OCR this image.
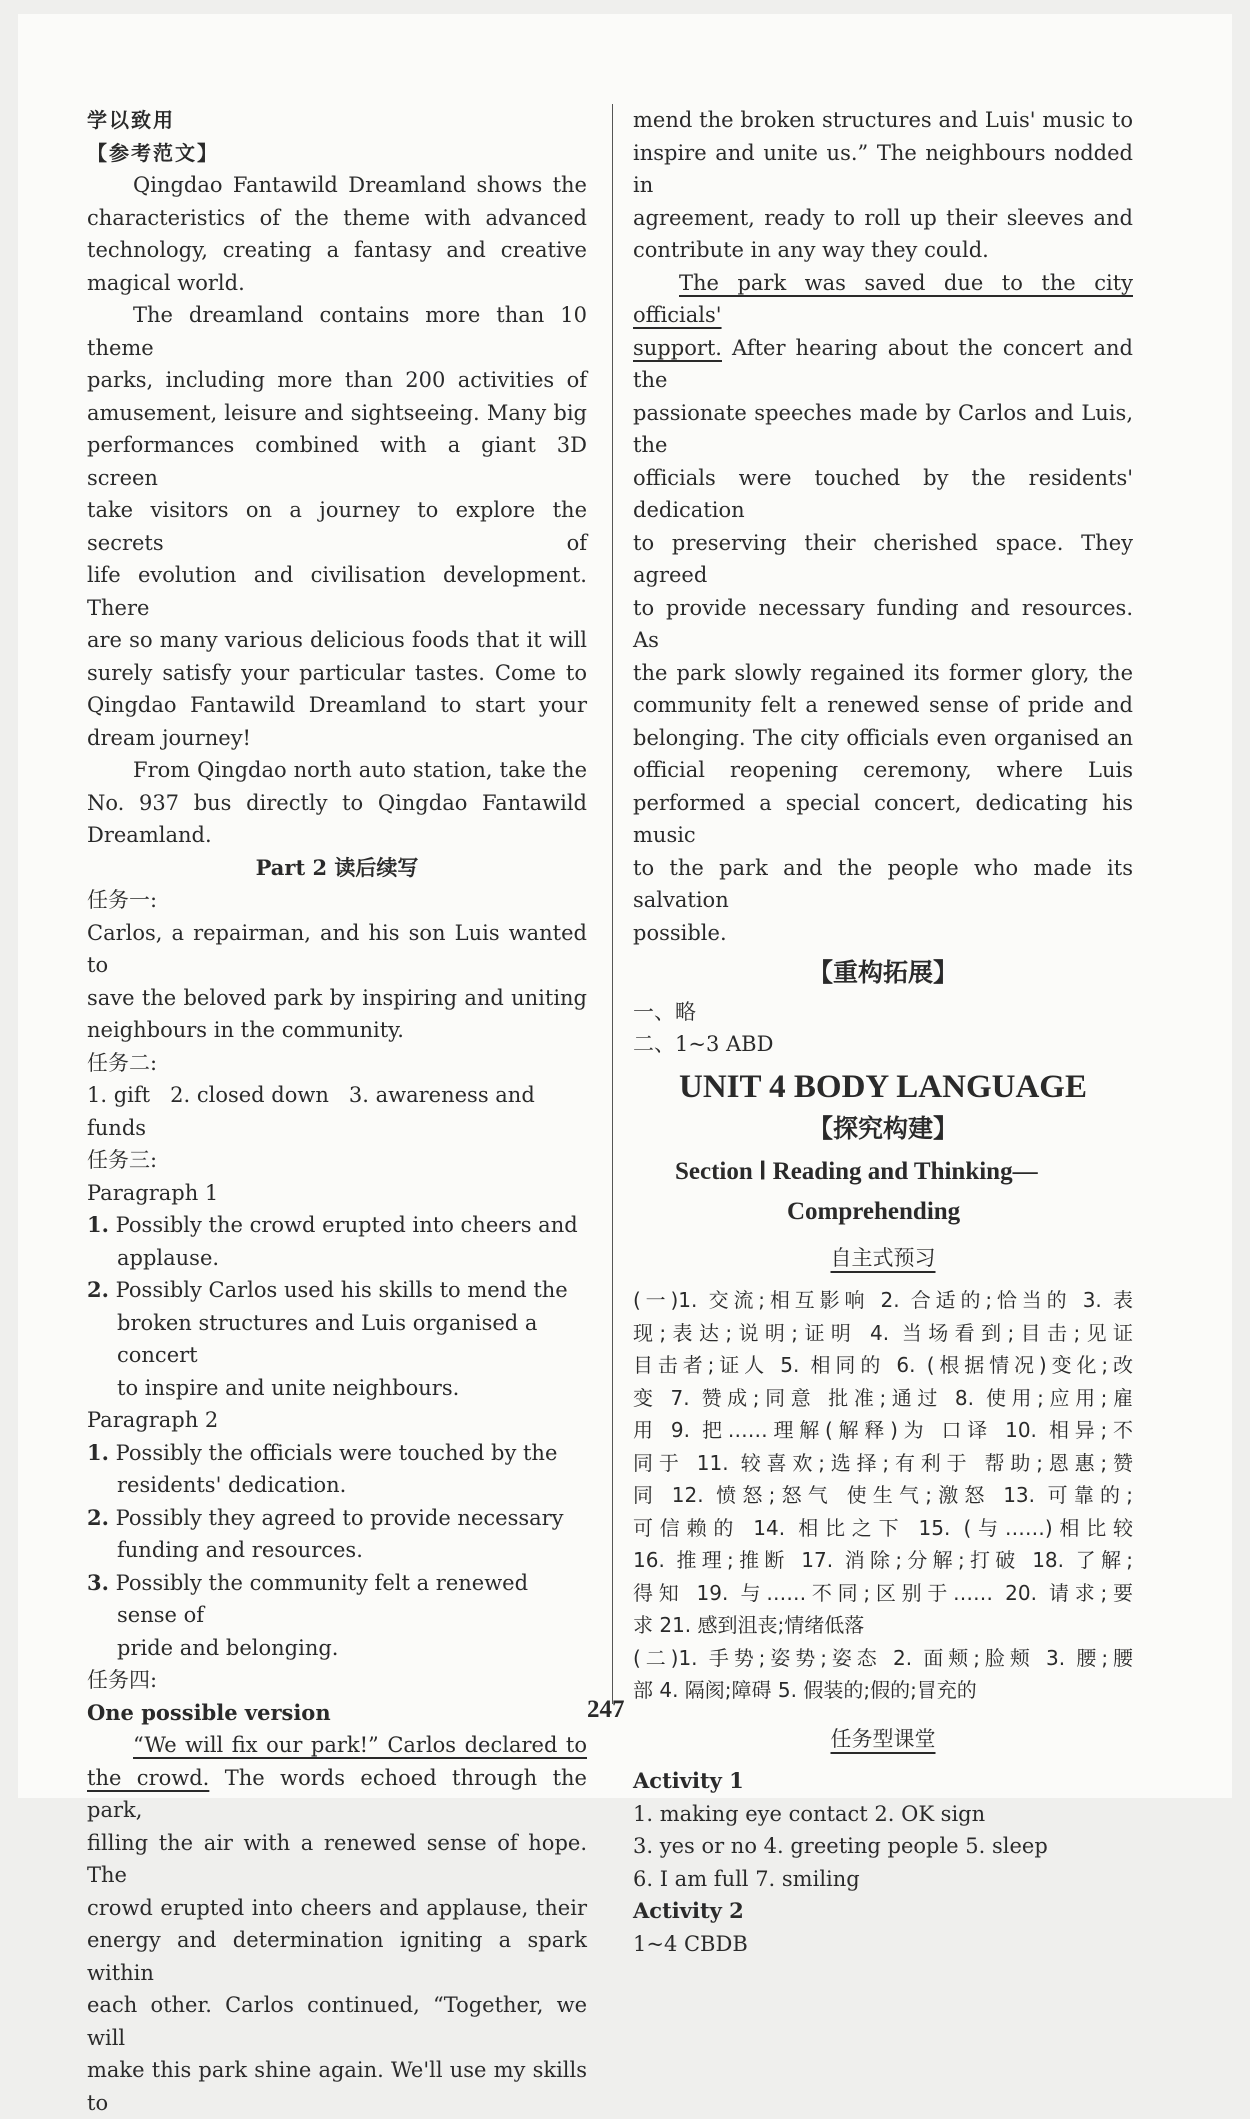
学以致用

【参考范文】

Qingdao Fantawild Dreamland shows the

characteristics of the theme with advanced

technology, creating a fantasy and creative

magical world.

The dreamland contains more than 10 theme

parks, including more than 200 activities of

amusement, leisure and sightseeing. Many big

performances combined with a giant 3D screen

take visitors on a journey to explore the secrets of

life evolution and civilisation development. There

are so many various delicious foods that it will

surely satisfy your particular tastes. Come to

Qingdao Fantawild Dreamland to start your

dream journey!

From Qingdao north auto station, take the

No. 937 bus directly to Qingdao Fantawild

Dreamland.

Part 2 读后续写

任务一:

Carlos, a repairman, and his son Luis wanted to

save the beloved park by inspiring and uniting

neighbours in the community.

任务二:

1. gift 2. closed down 3. awareness and funds

任务三:

Paragraph 1

1. Possibly the crowd erupted into cheers and
applause.
2. Possibly Carlos used his skills to mend the
broken structures and Luis organised a concert
to inspire and unite neighbours.

Paragraph 2

1. Possibly the officials were touched by the
residents' dedication.
2. Possibly they agreed to provide necessary
funding and resources.
3. Possibly the community felt a renewed sense of
pride and belonging.

任务四:

One possible version

“We will fix our park!” Carlos declared to

the crowd. The words echoed through the park,

filling the air with a renewed sense of hope. The

crowd erupted into cheers and applause, their

energy and determination igniting a spark within

each other. Carlos continued, “Together, we will

make this park shine again. We'll use my skills to

mend the broken structures and Luis' music to

inspire and unite us.” The neighbours nodded in

agreement, ready to roll up their sleeves and

contribute in any way they could.

The park was saved due to the city officials'

support. After hearing about the concert and the

passionate speeches made by Carlos and Luis, the

officials were touched by the residents' dedication

to preserving their cherished space. They agreed

to provide necessary funding and resources. As

the park slowly regained its former glory, the

community felt a renewed sense of pride and

belonging. The city officials even organised an

official reopening ceremony, where Luis

performed a special concert, dedicating his music

to the park and the people who made its salvation

possible.

【重构拓展】

一、略

二、1~3 ABD

UNIT 4 BODY LANGUAGE

【探究构建】

Section Ⅰ Reading and Thinking—
Comprehending

自主式预习

(一)1. 交流;相互影响 2. 合适的;恰当的 3. 表

现;表达;说明;证明 4. 当场看到;目击;见证

目击者;证人 5. 相同的 6. (根据情况)变化;改

变 7. 赞成;同意 批准;通过 8. 使用;应用;雇

用 9. 把……理解(解释)为 口译 10. 相异;不

同于 11. 较喜欢;选择;有利于 帮助;恩惠;赞

同 12. 愤怒;怒气 使生气;激怒 13. 可靠的;

可信赖的 14. 相比之下 15. (与……)相比较

16. 推理;推断 17. 消除;分解;打破 18. 了解;

得知 19. 与……不同;区别于…… 20. 请求;要

求 21. 感到沮丧;情绪低落

(二)1. 手势;姿势;姿态 2. 面颊;脸颊 3. 腰;腰

部 4. 隔阂;障碍 5. 假装的;假的;冒充的

任务型课堂

Activity 1

1. making eye contact 2. OK sign

3. yes or no 4. greeting people 5. sleep

6. I am full 7. smiling

Activity 2

1~4 CBDB

247
